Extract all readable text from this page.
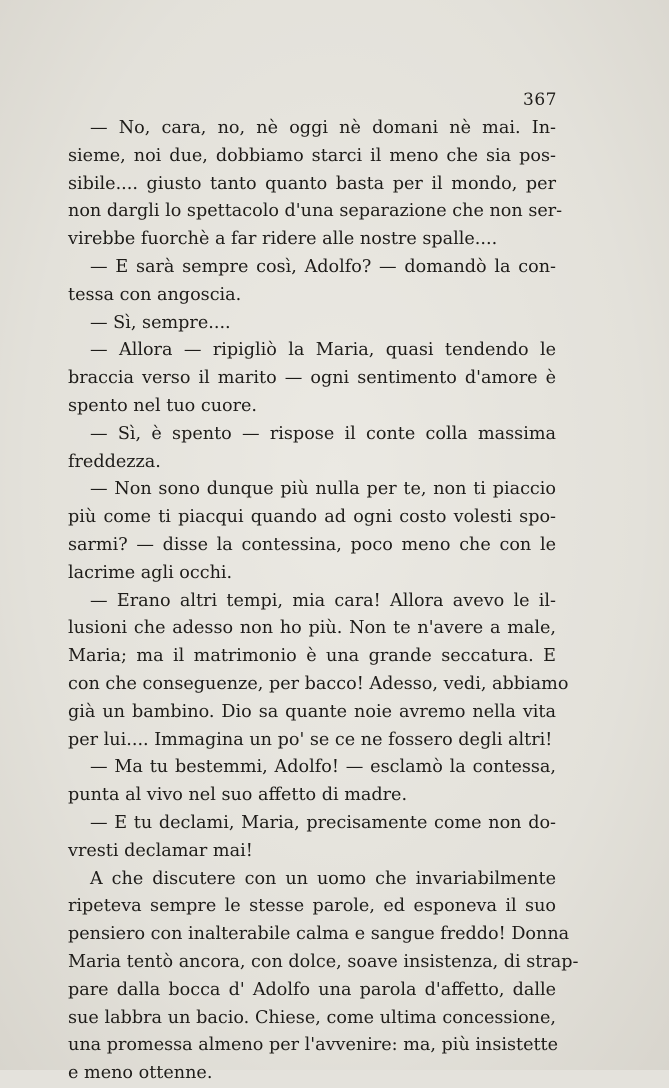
367
— No, cara, no, nè oggi nè domani nè mai. In-
sieme, noi due, dobbiamo starci il meno che sia pos-
sibile.... giusto tanto quanto basta per il mondo, per
non dargli lo spettacolo d'una separazione che non ser-
virebbe fuorchè a far ridere alle nostre spalle....
— E sarà sempre così, Adolfo? — domandò la con-
tessa con angoscia.
— Sì, sempre....
— Allora — ripigliò la Maria, quasi tendendo le
braccia verso il marito — ogni sentimento d'amore è
spento nel tuo cuore.
— Sì, è spento — rispose il conte colla massima
freddezza.
— Non sono dunque più nulla per te, non ti piaccio
più come ti piacqui quando ad ogni costo volesti spo-
sarmi? — disse la contessina, poco meno che con le
lacrime agli occhi.
— Erano altri tempi, mia cara! Allora avevo le il-
lusioni che adesso non ho più. Non te n'avere a male,
Maria; ma il matrimonio è una grande seccatura. E
con che conseguenze, per bacco! Adesso, vedi, abbiamo
già un bambino. Dio sa quante noie avremo nella vita
per lui.... Immagina un po' se ce ne fossero degli altri!
— Ma tu bestemmi, Adolfo! — esclamò la contessa,
punta al vivo nel suo affetto di madre.
— E tu declami, Maria, precisamente come non do-
vresti declamar mai!
A che discutere con un uomo che invariabilmente
ripeteva sempre le stesse parole, ed esponeva il suo
pensiero con inalterabile calma e sangue freddo! Donna
Maria tentò ancora, con dolce, soave insistenza, di strap-
pare dalla bocca d' Adolfo una parola d'affetto, dalle
sue labbra un bacio. Chiese, come ultima concessione,
una promessa almeno per l'avvenire: ma, più insistette
e meno ottenne.
